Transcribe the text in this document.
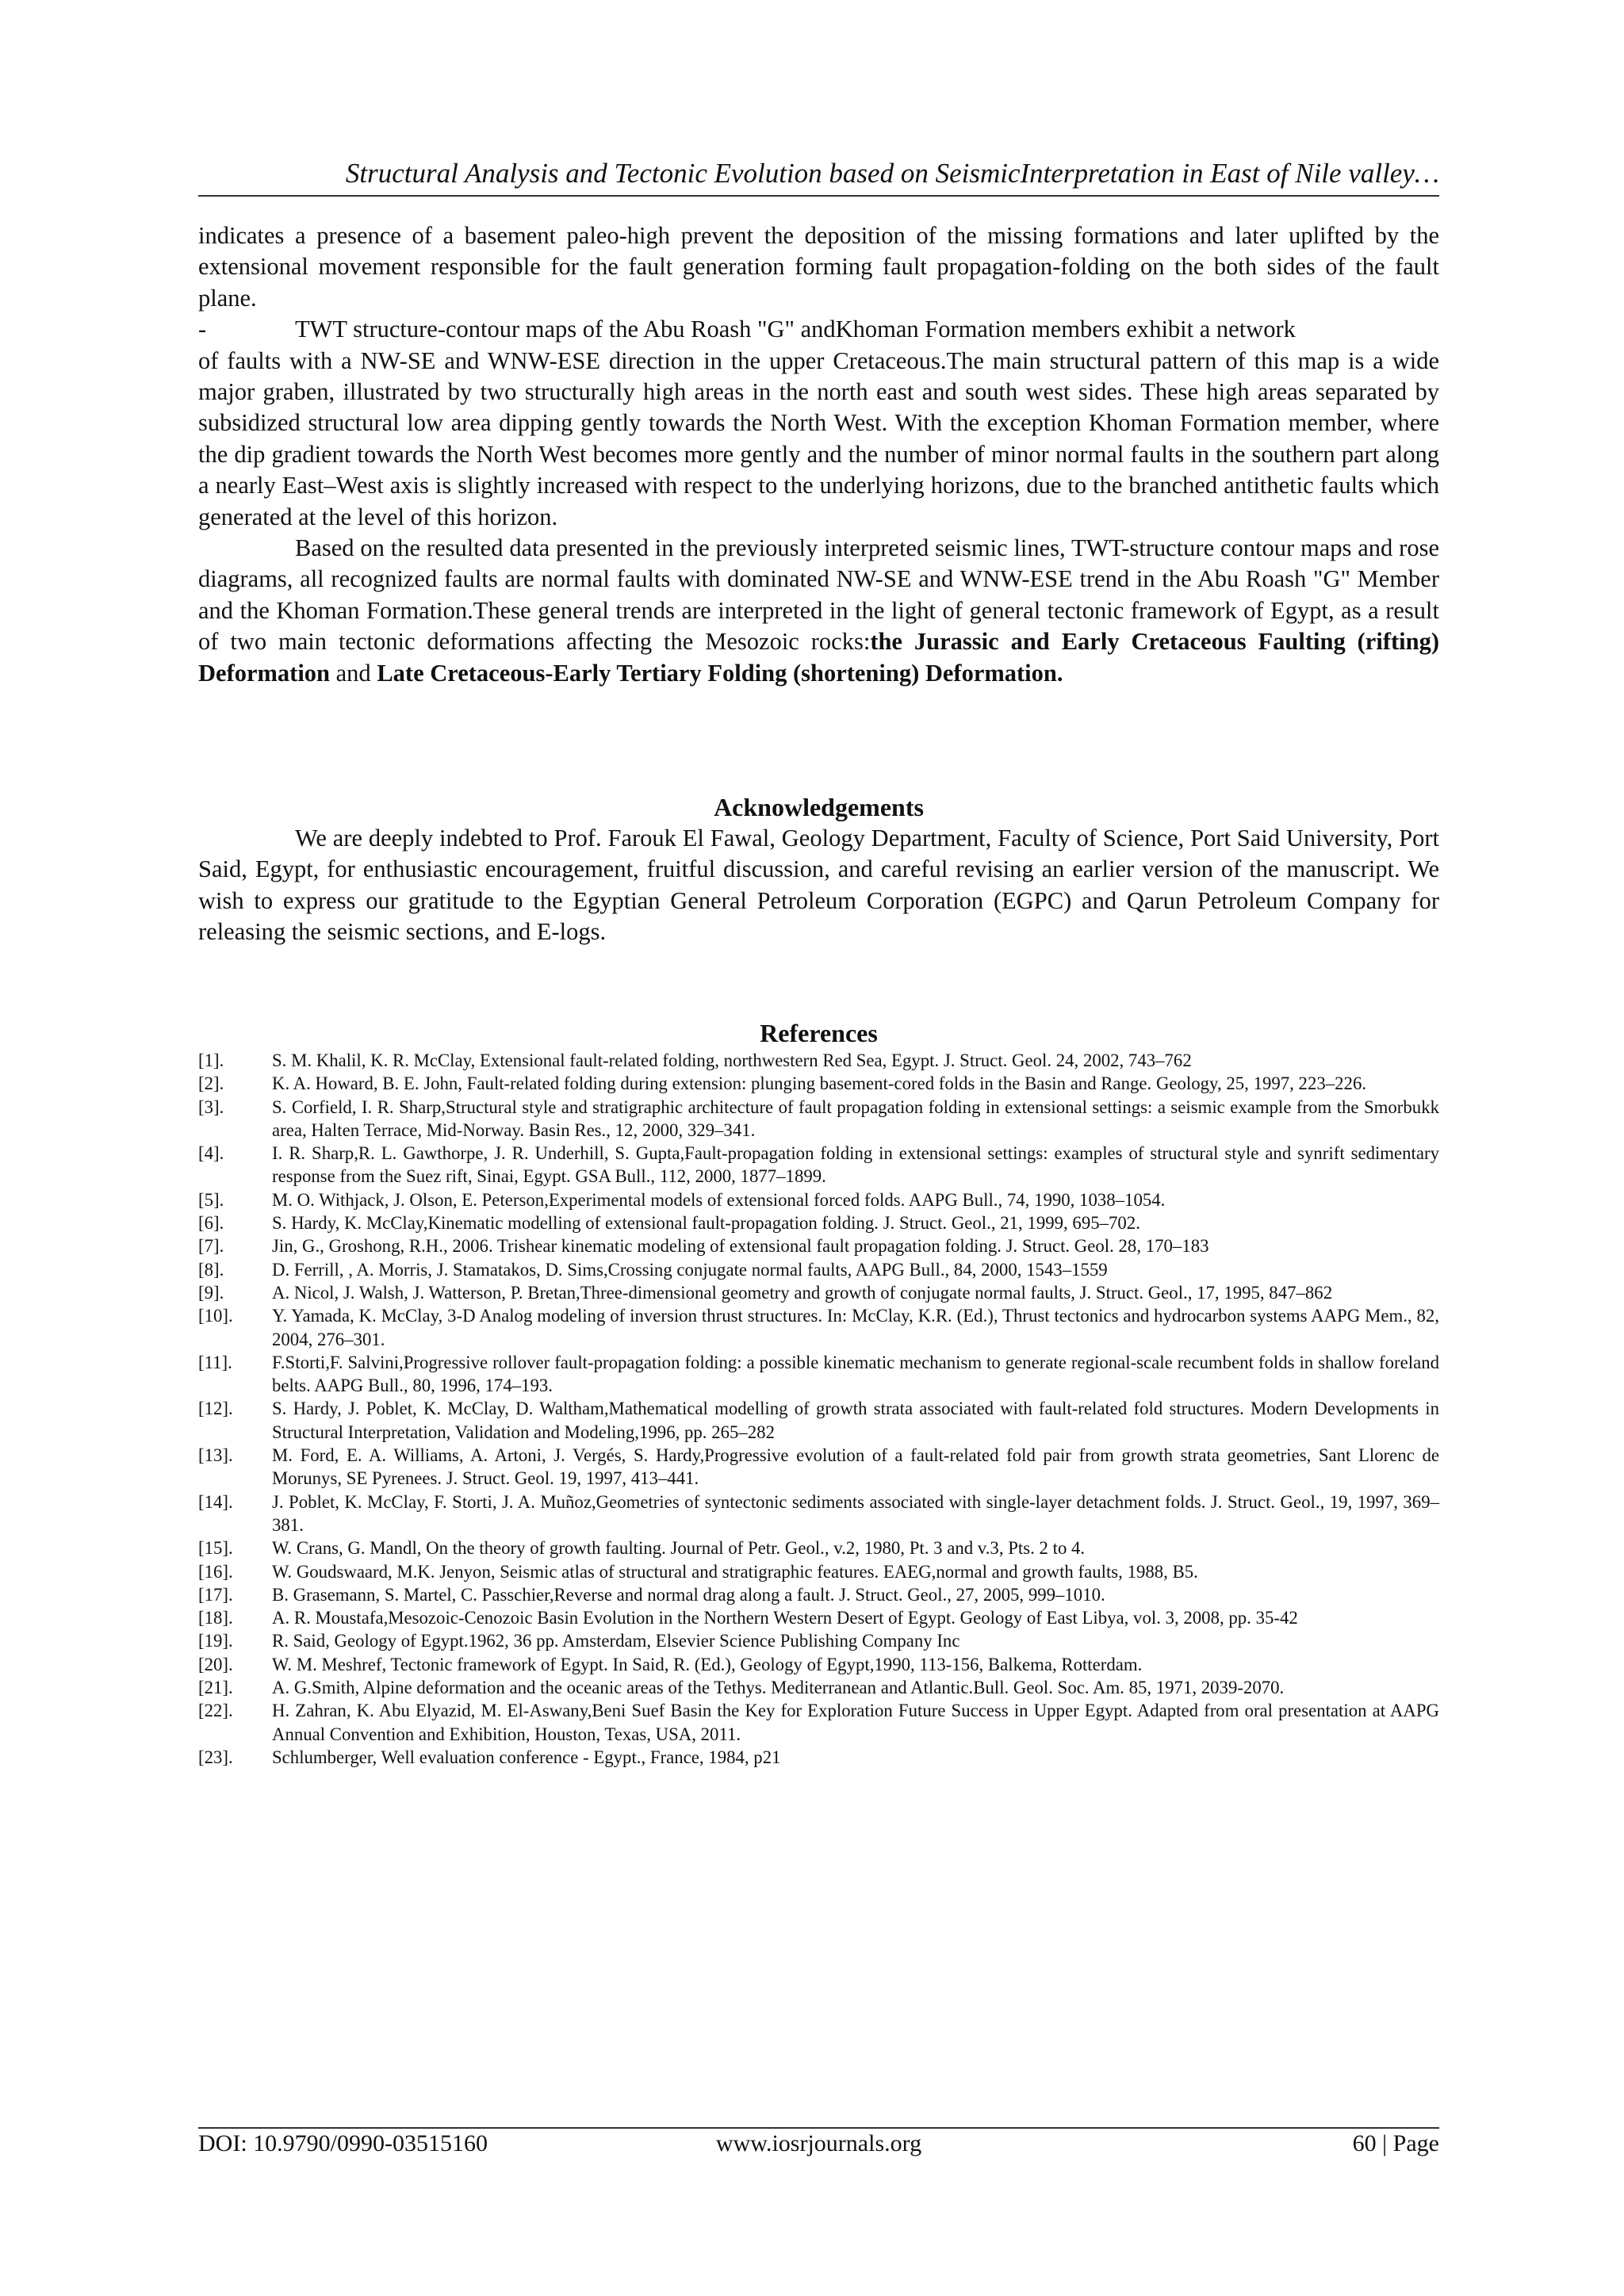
Structural Analysis and Tectonic Evolution based on SeismicInterpretation in East of Nile valley…

indicates a presence of a basement paleo-high prevent the deposition of the missing formations and later uplifted by the extensional movement responsible for the fault generation forming fault propagation-folding on the both sides of the fault plane.

-	TWT structure-contour maps of the Abu Roash "G" andKhoman Formation members exhibit a network

of faults with a NW-SE and WNW-ESE direction in the upper Cretaceous.The main structural pattern of this map is a wide major graben, illustrated by two structurally high areas in the north east and south west sides. These high areas separated by subsidized structural low area dipping gently towards the North West. With the exception Khoman Formation member, where the dip gradient towards the North West becomes more gently and the number of minor normal faults in the southern part along a nearly East–West axis is slightly increased with respect to the underlying horizons, due to the branched antithetic faults which generated at the level of this horizon.

Based on the resulted data presented in the previously interpreted seismic lines, TWT-structure contour maps and rose diagrams, all recognized faults are normal faults with dominated NW-SE and WNW-ESE trend in the Abu Roash "G" Member and the Khoman Formation.These general trends are interpreted in the light of general tectonic framework of Egypt, as a result of two main tectonic deformations affecting the Mesozoic rocks:the Jurassic and Early Cretaceous Faulting (rifting) Deformation and Late Cretaceous-Early Tertiary Folding (shortening) Deformation.

Acknowledgements

We are deeply indebted to Prof. Farouk El Fawal, Geology Department, Faculty of Science, Port Said University, Port Said, Egypt, for enthusiastic encouragement, fruitful discussion, and careful revising an earlier version of the manuscript. We wish to express our gratitude to the Egyptian General Petroleum Corporation (EGPC) and Qarun Petroleum Company for releasing the seismic sections, and E-logs.

References
[1].	S. M. Khalil, K. R. McClay, Extensional fault-related folding, northwestern Red Sea, Egypt. J. Struct. Geol. 24, 2002, 743–762
[2].	K. A. Howard, B. E. John, Fault-related folding during extension: plunging basement-cored folds in the Basin and Range. Geology, 25, 1997, 223–226.
[3].	S. Corfield, I. R. Sharp,Structural style and stratigraphic architecture of fault propagation folding in extensional settings: a seismic example from the Smorbukk area, Halten Terrace, Mid-Norway. Basin Res., 12, 2000, 329–341.
[4].	I. R. Sharp,R. L. Gawthorpe, J. R. Underhill, S. Gupta,Fault-propagation folding in extensional settings: examples of structural style and synrift sedimentary response from the Suez rift, Sinai, Egypt. GSA Bull., 112, 2000, 1877–1899.
[5].	M. O. Withjack, J. Olson, E. Peterson,Experimental models of extensional forced folds. AAPG Bull., 74, 1990, 1038–1054.
[6].	S. Hardy, K. McClay,Kinematic modelling of extensional fault-propagation folding. J. Struct. Geol., 21, 1999, 695–702.
[7].	Jin, G., Groshong, R.H., 2006. Trishear kinematic modeling of extensional fault propagation folding. J. Struct. Geol. 28, 170–183
[8].	D. Ferrill, , A. Morris, J. Stamatakos, D. Sims,Crossing conjugate normal faults, AAPG Bull., 84, 2000, 1543–1559
[9].	A. Nicol, J. Walsh, J. Watterson, P. Bretan,Three-dimensional geometry and growth of conjugate normal faults, J. Struct. Geol., 17, 1995, 847–862
[10].	Y. Yamada, K. McClay, 3-D Analog modeling of inversion thrust structures. In: McClay, K.R. (Ed.), Thrust tectonics and hydrocarbon systems AAPG Mem., 82, 2004, 276–301.
[11].	F.Storti,F. Salvini,Progressive rollover fault-propagation folding: a possible kinematic mechanism to generate regional-scale recumbent folds in shallow foreland belts. AAPG Bull., 80, 1996, 174–193.
[12].	S. Hardy, J. Poblet, K. McClay, D. Waltham,Mathematical modelling of growth strata associated with fault-related fold structures. Modern Developments in Structural Interpretation, Validation and Modeling,1996, pp. 265–282
[13].	M. Ford, E. A. Williams, A. Artoni, J. Vergés, S. Hardy,Progressive evolution of a fault-related fold pair from growth strata geometries, Sant Llorenc de Morunys, SE Pyrenees. J. Struct. Geol. 19, 1997, 413–441.
[14].	J. Poblet, K. McClay, F. Storti, J. A. Muñoz,Geometries of syntectonic sediments associated with single-layer detachment folds. J. Struct. Geol., 19, 1997, 369–381.
[15].	W. Crans, G. Mandl, On the theory of growth faulting. Journal of Petr. Geol., v.2, 1980, Pt. 3 and v.3, Pts. 2 to 4.
[16].	W. Goudswaard, M.K. Jenyon, Seismic atlas of structural and stratigraphic features. EAEG,normal and growth faults, 1988, B5.
[17].	B. Grasemann, S. Martel, C. Passchier,Reverse and normal drag along a fault. J. Struct. Geol., 27, 2005, 999–1010.
[18].	A. R. Moustafa,Mesozoic-Cenozoic Basin Evolution in the Northern Western Desert of Egypt. Geology of East Libya, vol. 3, 2008, pp. 35-42
[19].	R. Said, Geology of Egypt.1962, 36 pp. Amsterdam, Elsevier Science Publishing Company Inc
[20].	W. M. Meshref, Tectonic framework of Egypt. In Said, R. (Ed.), Geology of Egypt,1990, 113-156, Balkema, Rotterdam.
[21].	A. G.Smith, Alpine deformation and the oceanic areas of the Tethys. Mediterranean and Atlantic.Bull. Geol. Soc. Am. 85, 1971, 2039-2070.
[22].	H. Zahran, K. Abu Elyazid, M. El-Aswany,Beni Suef Basin the Key for Exploration Future Success in Upper Egypt. Adapted from oral presentation at AAPG Annual Convention and Exhibition, Houston, Texas, USA, 2011.
[23].	Schlumberger, Well evaluation conference - Egypt., France, 1984, p21
DOI: 10.9790/0990-03515160	www.iosrjournals.org	60 | Page
